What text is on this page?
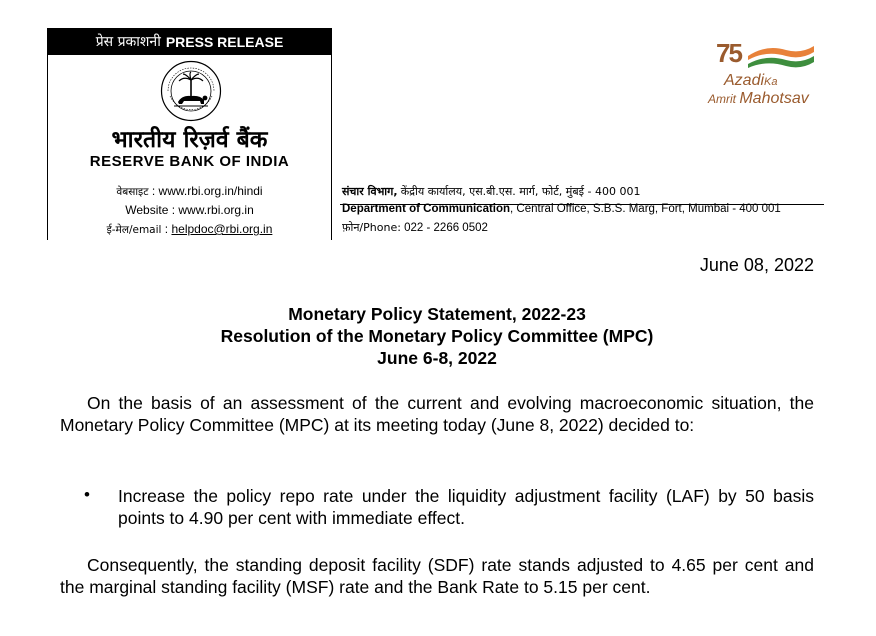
प्रेस प्रकाशनी PRESS RELEASE
भारतीय रिज़र्व बैंक
RESERVE BANK OF INDIA
वेबसाइट : www.rbi.org.in/hindi
Website : www.rbi.org.in
ई-मेल/email : helpdoc@rbi.org.in
संचार विभाग, केंद्रीय कार्यालय, एस.बी.एस. मार्ग, फोर्ट, मुंबई - 400 001
Department of Communication, Central Office, S.B.S. Marg, Fort, Mumbai - 400 001
फ़ोन/Phone: 022 - 2266 0502
75
AzadiKa
Amrit Mahotsav
June 08, 2022
Monetary Policy Statement, 2022-23
Resolution of the Monetary Policy Committee (MPC)
June 6-8, 2022
On the basis of an assessment of the current and evolving macroeconomic situation, the Monetary Policy Committee (MPC) at its meeting today (June 8, 2022) decided to:
• Increase the policy repo rate under the liquidity adjustment facility (LAF) by 50 basis points to 4.90 per cent with immediate effect.
Consequently, the standing deposit facility (SDF) rate stands adjusted to 4.65 per cent and the marginal standing facility (MSF) rate and the Bank Rate to 5.15 per cent.
